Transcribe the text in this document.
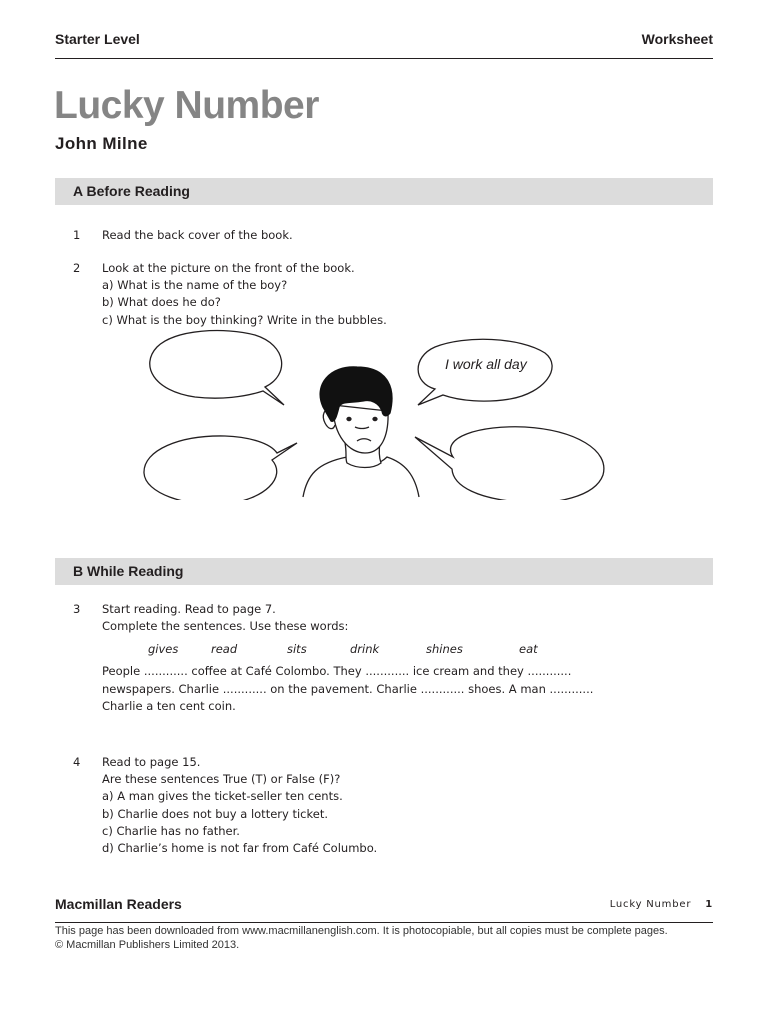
Starter Level	Worksheet
Lucky Number
John Milne
A Before Reading
1 Read the back cover of the book.
2 Look at the picture on the front of the book.
a) What is the name of the boy?
b) What does he do?
c) What is the boy thinking? Write in the bubbles.
I work all day
B While Reading
3 Start reading. Read to page 7.
Complete the sentences. Use these words:
gives	read	sits	drink	shines	eat
People ............ coffee at Café Colombo. They ............ ice cream and they ............
newspapers. Charlie ............ on the pavement. Charlie ............ shoes. A man ............
Charlie a ten cent coin.
4 Read to page 15.
Are these sentences True (T) or False (F)?
a) A man gives the ticket-seller ten cents.
b) Charlie does not buy a lottery ticket.
c) Charlie has no father.
d) Charlie’s home is not far from Café Columbo.
Macmillan Readers	Lucky Number 1
This page has been downloaded from www.macmillanenglish.com. It is photocopiable, but all copies must be complete pages.
© Macmillan Publishers Limited 2013.
